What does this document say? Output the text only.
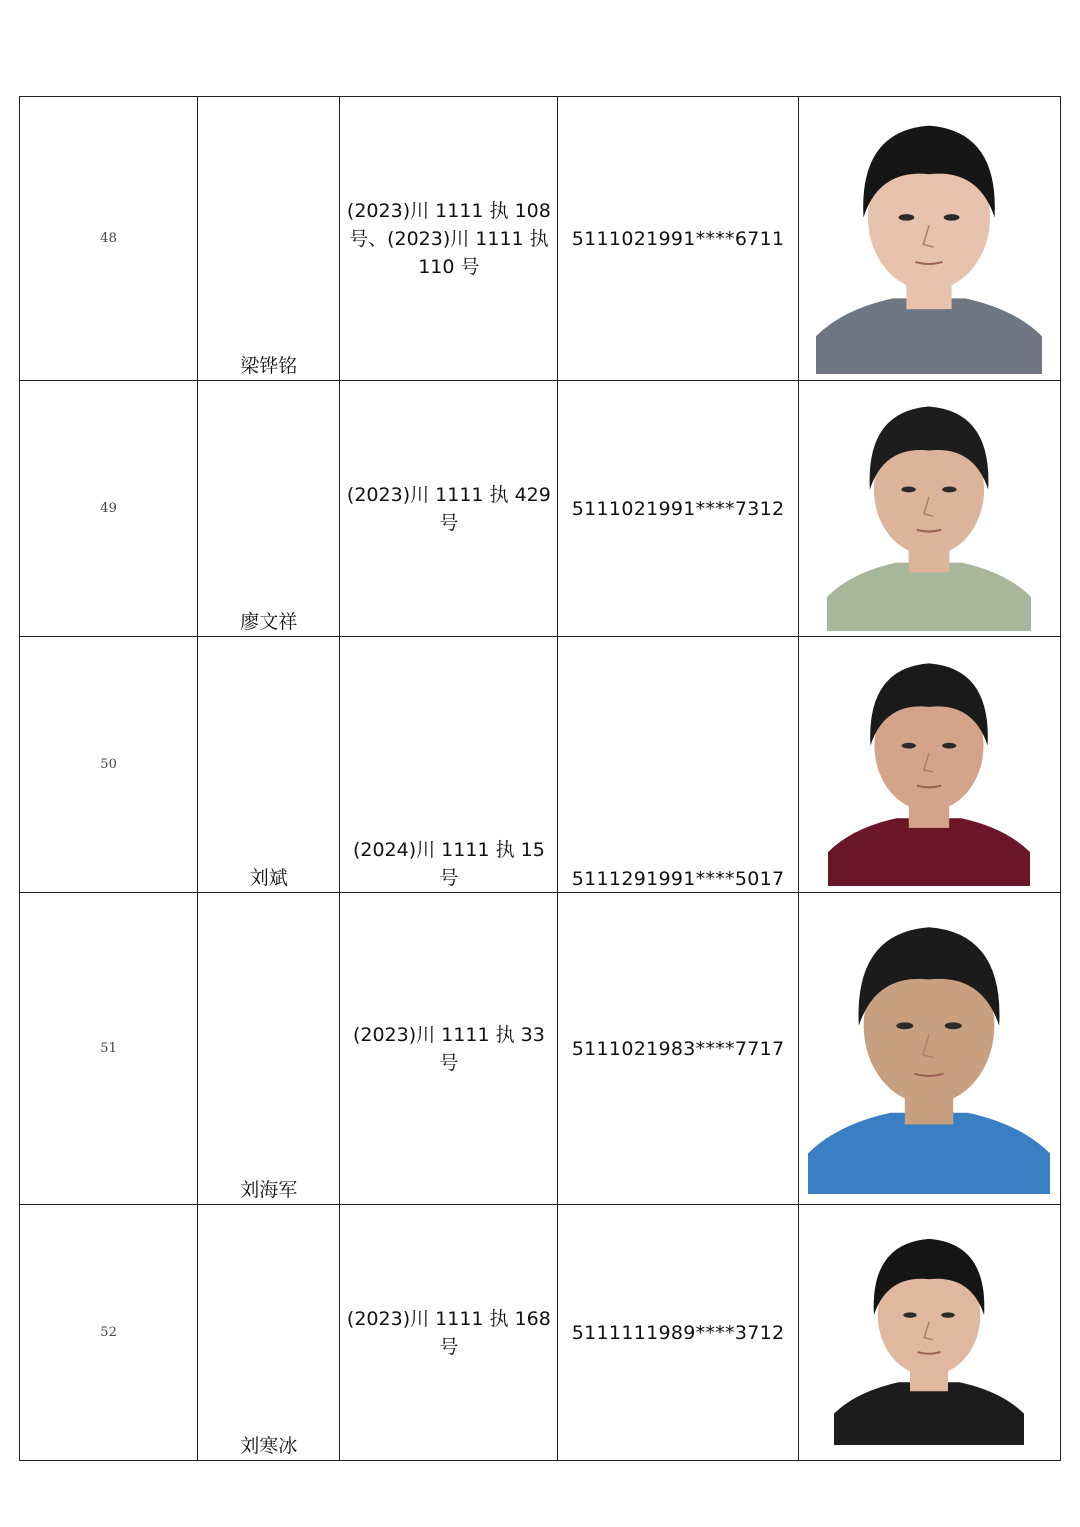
48	梁铧铭	(2023)川 1111 执 108 号、(2023)川 1111 执 110 号	5111021991****6711	

49	廖文祥	(2023)川 1111 执 429 号	5111021991****7312	

50	刘斌	(2024)川 1111 执 15 号	5111291991****5017	

51	刘海军	(2023)川 1111 执 33 号	5111021983****7717	

52	刘寒冰	(2023)川 1111 执 168 号	5111111989****3712	
